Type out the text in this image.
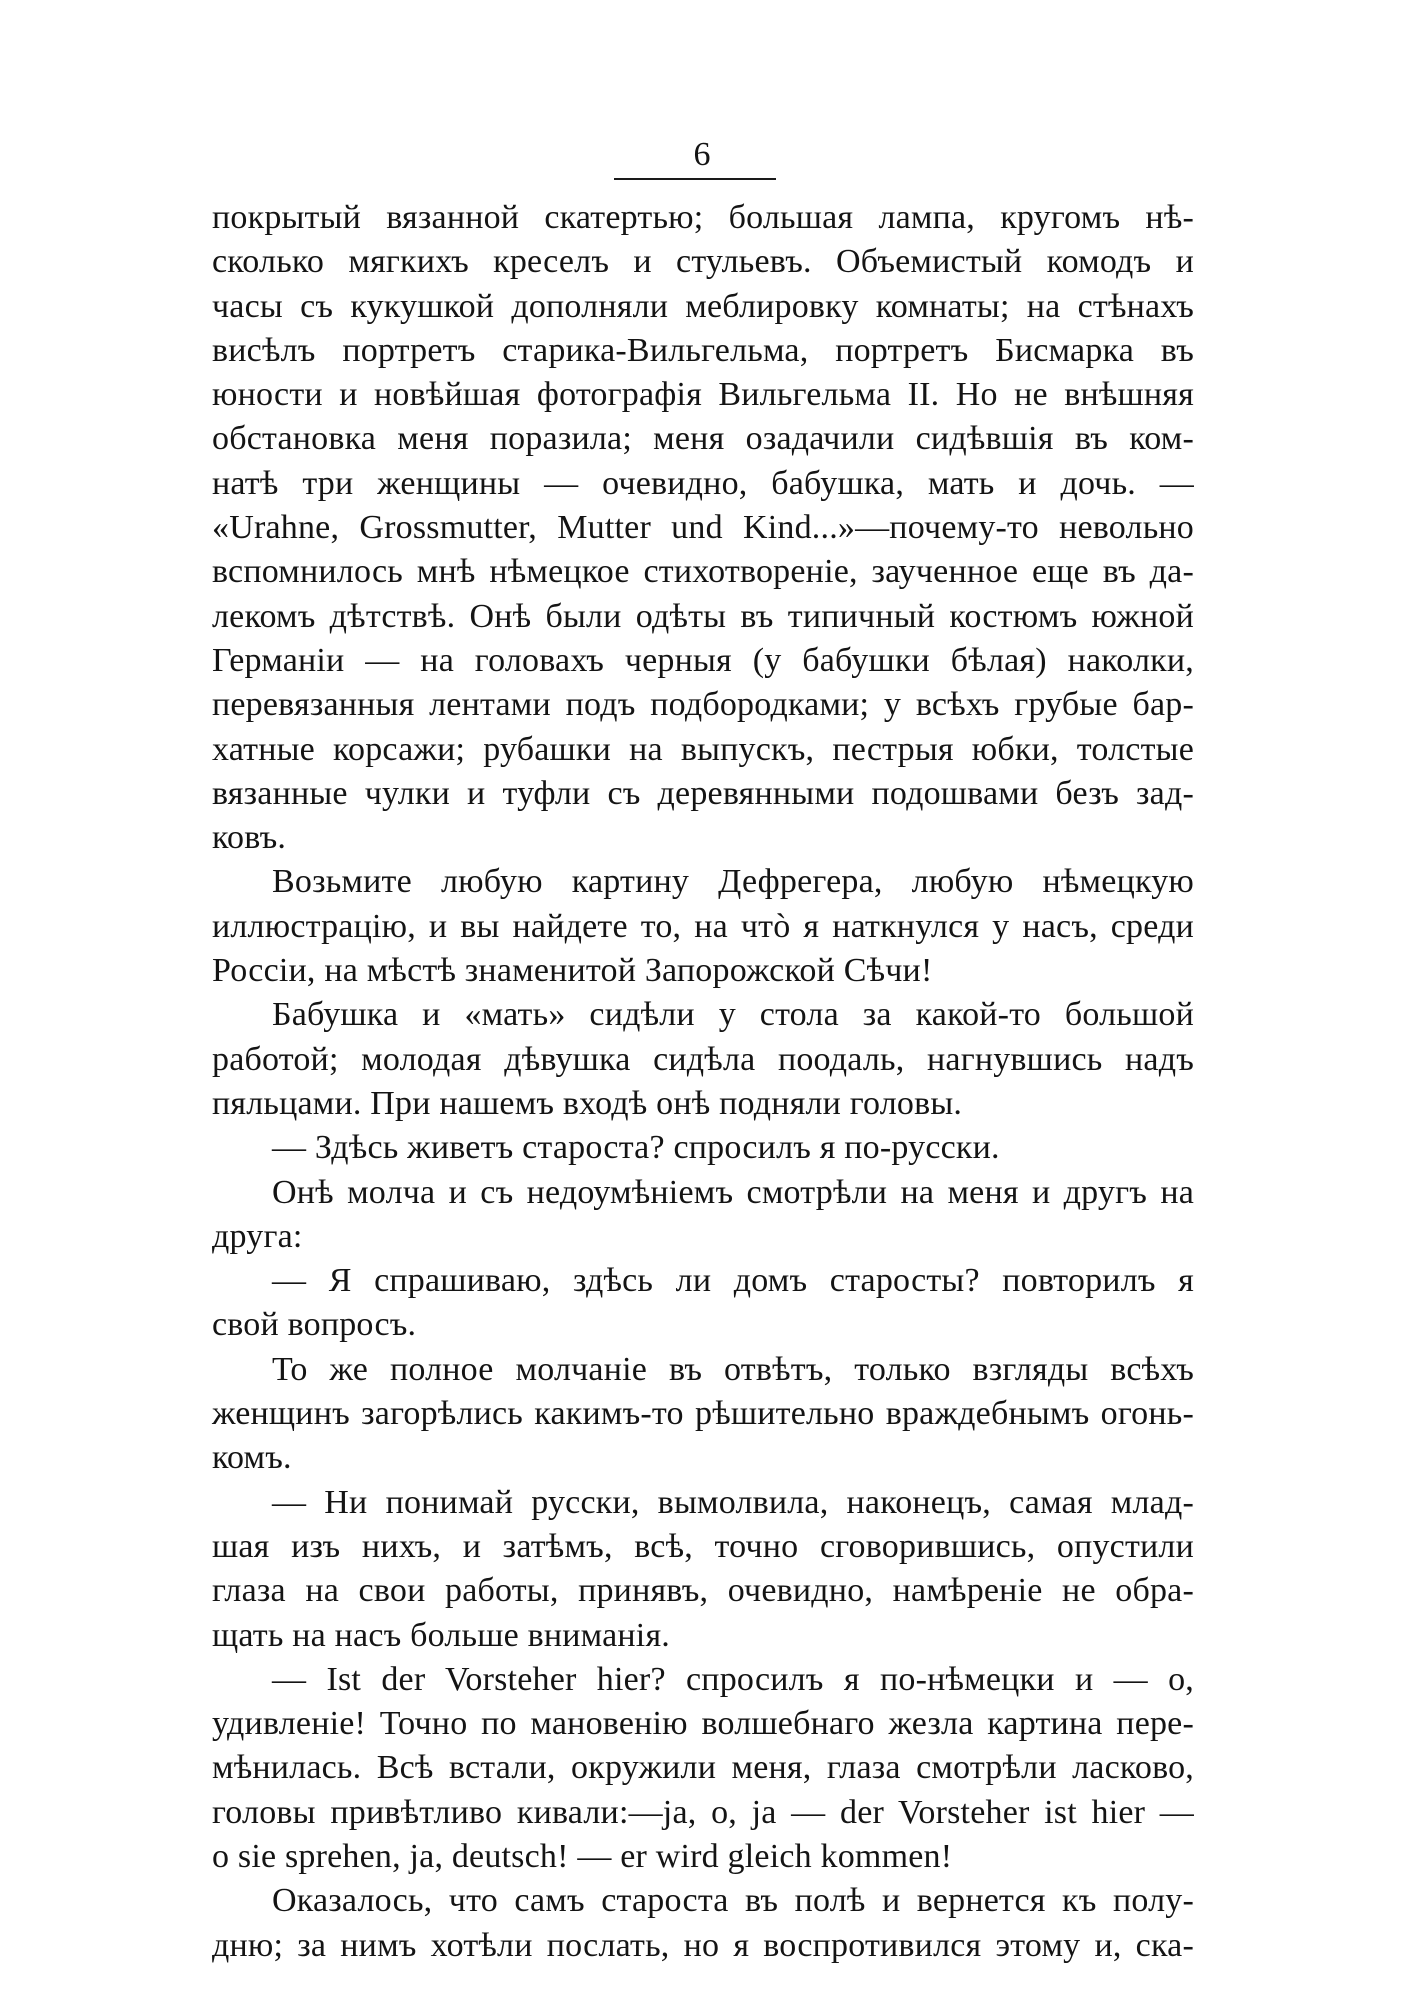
6
покрытый вязанной скатертью; большая лампа, кругомъ нѣ-
сколько мягкихъ креселъ и стульевъ. Объемистый комодъ и
часы съ кукушкой дополняли меблировку комнаты; на стѣнахъ
висѣлъ портретъ старика-Вильгельма, портретъ Бисмарка въ
юности и новѣйшая фотографія Вильгельма II. Но не внѣшняя
обстановка меня поразила; меня озадачили сидѣвшія въ ком-
натѣ три женщины — очевидно, бабушка, мать и дочь. —
«Urahne, Grossmutter, Mutter und Kind...»—почему-то невольно
вспомнилось мнѣ нѣмецкое стихотвореніе, заученное еще въ да-
лекомъ дѣтствѣ. Онѣ были одѣты въ типичный костюмъ южной
Германіи — на головахъ черныя (у бабушки бѣлая) наколки,
перевязанныя лентами подъ подбородками; у всѣхъ грубые бар-
хатные корсажи; рубашки на выпускъ, пестрыя юбки, толстые
вязанные чулки и туфли съ деревянными подошвами безъ зад-
ковъ.
Возьмите любую картину Дефрегера, любую нѣмецкую
иллюстрацію, и вы найдете то, на чтò я наткнулся у насъ, среди
Россіи, на мѣстѣ знаменитой Запорожской Сѣчи!
Бабушка и «мать» сидѣли у стола за какой-то большой
работой; молодая дѣвушка сидѣла поодаль, нагнувшись надъ
пяльцами. При нашемъ входѣ онѣ подняли головы.
— Здѣсь живетъ староста? спросилъ я по-русски.
Онѣ молча и съ недоумѣніемъ смотрѣли на меня и другъ на
друга:
— Я спрашиваю, здѣсь ли домъ старосты? повторилъ я
свой вопросъ.
То же полное молчаніе въ отвѣтъ, только взгляды всѣхъ
женщинъ загорѣлись какимъ-то рѣшительно враждебнымъ огонь-
комъ.
— Ни понимай русски, вымолвила, наконецъ, самая млад-
шая изъ нихъ, и затѣмъ, всѣ, точно сговорившись, опустили
глаза на свои работы, принявъ, очевидно, намѣреніе не обра-
щать на насъ больше вниманія.
— Ist der Vorsteher hier? спросилъ я по-нѣмецки и — о,
удивленіе! Точно по мановенію волшебнаго жезла картина пере-
мѣнилась. Всѣ встали, окружили меня, глаза смотрѣли ласково,
головы привѣтливо кивали:—ja, o, ja — der Vorsteher ist hier —
o sie sprehen, ja, deutsch! — er wird gleich kommen!
Оказалось, что самъ староста въ полѣ и вернется къ полу-
дню; за нимъ хотѣли послать, но я воспротивился этому и, ска-
